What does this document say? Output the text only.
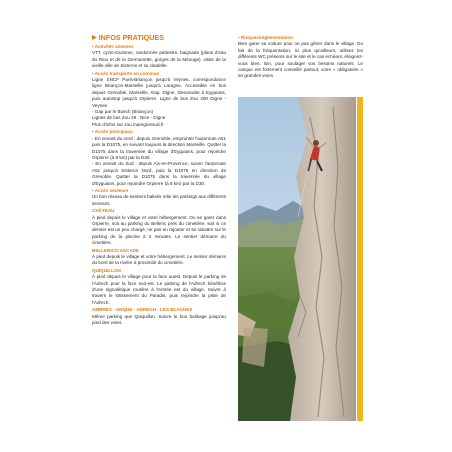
▶ INFOS PRATIQUES
• Activités annexes

VTT, cyclo-tourisme, randonnée pédestre, baignade (plans d'eau du Riou et de la Germanette, gorges de la Méouge), visite de la vieille ville de Sisteron et sa citadelle.

• Accès transports en commun

Ligne SNCF Paris-Briançon jusqu'à Veynes, correspondance ligne Briançon-Marseille jusqu'à Laragne. Accessible en bus depuis Grenoble, Marseille, Gap, Digne. Descendre à Eyguians, puis autostop jusqu'à Orpierre. Ligne de bus Zou 400 Digne - Veynes

- Gap par le Buëch (Briançon)

Lignes de bus Zou 49 : Nice - Digne

Plus d'infos sur zou.maregionsud.fr

• Accès principaux

- En venant du nord : depuis Grenoble, emprunter l'autoroute A51 puis la D1075, en suivant toujours la direction Marseille. Quitter la D1075 dans la traversée du village d'Eyguians, pour rejoindre Orpierre (à 8 km) par la D30.

- En venant du Sud : depuis Aix-en-Provence, suivre l'autoroute A51 jusqu'à Sisteron Nord, puis la D1075 en direction de Grenoble. Quitter la D1075 dans la traversée du village d'Eyguians, pour rejoindre Orpierre (à 8 km) par la D30.

• Accès secteurs

Un bon réseau de sentiers balisés relie les parkings aux différents secteurs.

CHÂTEAU

À pied depuis le village et votre hébergement. Ou se garer dans Orpierre, soit au parking du Belleric près du cimetière, soit si ce dernier est un peu chargé, ne pas en rajouter et se rabattre sur le parking de la piscine à 2 minutes. Le sentier démarre du cimetière.

BELLERIC/CASCADE

À pied depuis le village et votre hébergement. Le sentier démarre du bord de la rivière à proximité du cimetière.

QUIQUILLON

À pied depuis le village pour la face ouest. Depuis le parking de l'Adrech pour la face sud-est. Le parking de l'Adrech bénéficie d'une signalétique routière à l'entrée est du village. Suivre à travers le lotissement du Paradis, puis rejoindre la piste de l'Adrech.

AMBRES - ANQUE - ADRECH - LES BLACHES

Même parking que Quiquillon. Suivre le bon balisage jusqu'au pied des voies.

• Risques/réglementation

Bien garer sa voiture pour ne pas gêner dans le village. Du fait de la fréquentation, ici plus qu'ailleurs, utilisez les différents WC présents sur le site et le cas échéant, éloignez-vous bien, loin, pour soulager vos besoins naturels. Le casque est fortement conseillé partout, voire « obligatoire » en grandes voies.
